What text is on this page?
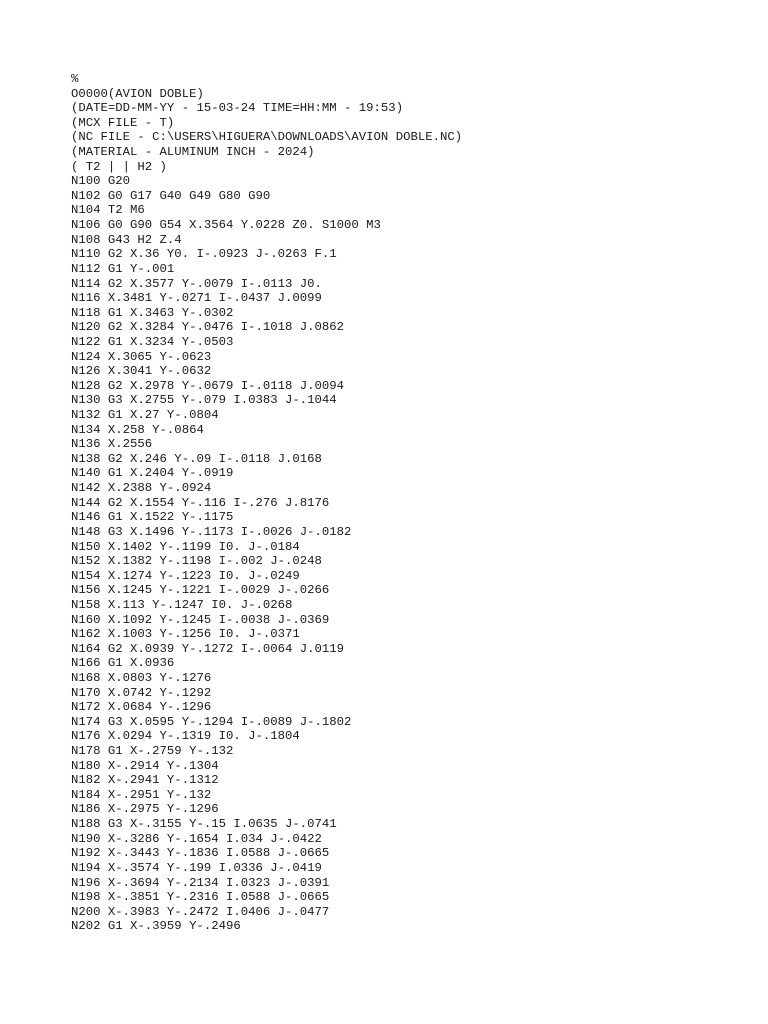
%
O0000(AVION DOBLE)
(DATE=DD-MM-YY - 15-03-24 TIME=HH:MM - 19:53)
(MCX FILE - T)
(NC FILE - C:\USERS\HIGUERA\DOWNLOADS\AVION DOBLE.NC)
(MATERIAL - ALUMINUM INCH - 2024)
( T2 | | H2 )
N100 G20
N102 G0 G17 G40 G49 G80 G90
N104 T2 M6
N106 G0 G90 G54 X.3564 Y.0228 Z0. S1000 M3
N108 G43 H2 Z.4
N110 G2 X.36 Y0. I-.0923 J-.0263 F.1
N112 G1 Y-.001
N114 G2 X.3577 Y-.0079 I-.0113 J0.
N116 X.3481 Y-.0271 I-.0437 J.0099
N118 G1 X.3463 Y-.0302
N120 G2 X.3284 Y-.0476 I-.1018 J.0862
N122 G1 X.3234 Y-.0503
N124 X.3065 Y-.0623
N126 X.3041 Y-.0632
N128 G2 X.2978 Y-.0679 I-.0118 J.0094
N130 G3 X.2755 Y-.079 I.0383 J-.1044
N132 G1 X.27 Y-.0804
N134 X.258 Y-.0864
N136 X.2556
N138 G2 X.246 Y-.09 I-.0118 J.0168
N140 G1 X.2404 Y-.0919
N142 X.2388 Y-.0924
N144 G2 X.1554 Y-.116 I-.276 J.8176
N146 G1 X.1522 Y-.1175
N148 G3 X.1496 Y-.1173 I-.0026 J-.0182
N150 X.1402 Y-.1199 I0. J-.0184
N152 X.1382 Y-.1198 I-.002 J-.0248
N154 X.1274 Y-.1223 I0. J-.0249
N156 X.1245 Y-.1221 I-.0029 J-.0266
N158 X.113 Y-.1247 I0. J-.0268
N160 X.1092 Y-.1245 I-.0038 J-.0369
N162 X.1003 Y-.1256 I0. J-.0371
N164 G2 X.0939 Y-.1272 I-.0064 J.0119
N166 G1 X.0936
N168 X.0803 Y-.1276
N170 X.0742 Y-.1292
N172 X.0684 Y-.1296
N174 G3 X.0595 Y-.1294 I-.0089 J-.1802
N176 X.0294 Y-.1319 I0. J-.1804
N178 G1 X-.2759 Y-.132
N180 X-.2914 Y-.1304
N182 X-.2941 Y-.1312
N184 X-.2951 Y-.132
N186 X-.2975 Y-.1296
N188 G3 X-.3155 Y-.15 I.0635 J-.0741
N190 X-.3286 Y-.1654 I.034 J-.0422
N192 X-.3443 Y-.1836 I.0588 J-.0665
N194 X-.3574 Y-.199 I.0336 J-.0419
N196 X-.3694 Y-.2134 I.0323 J-.0391
N198 X-.3851 Y-.2316 I.0588 J-.0665
N200 X-.3983 Y-.2472 I.0406 J-.0477
N202 G1 X-.3959 Y-.2496
